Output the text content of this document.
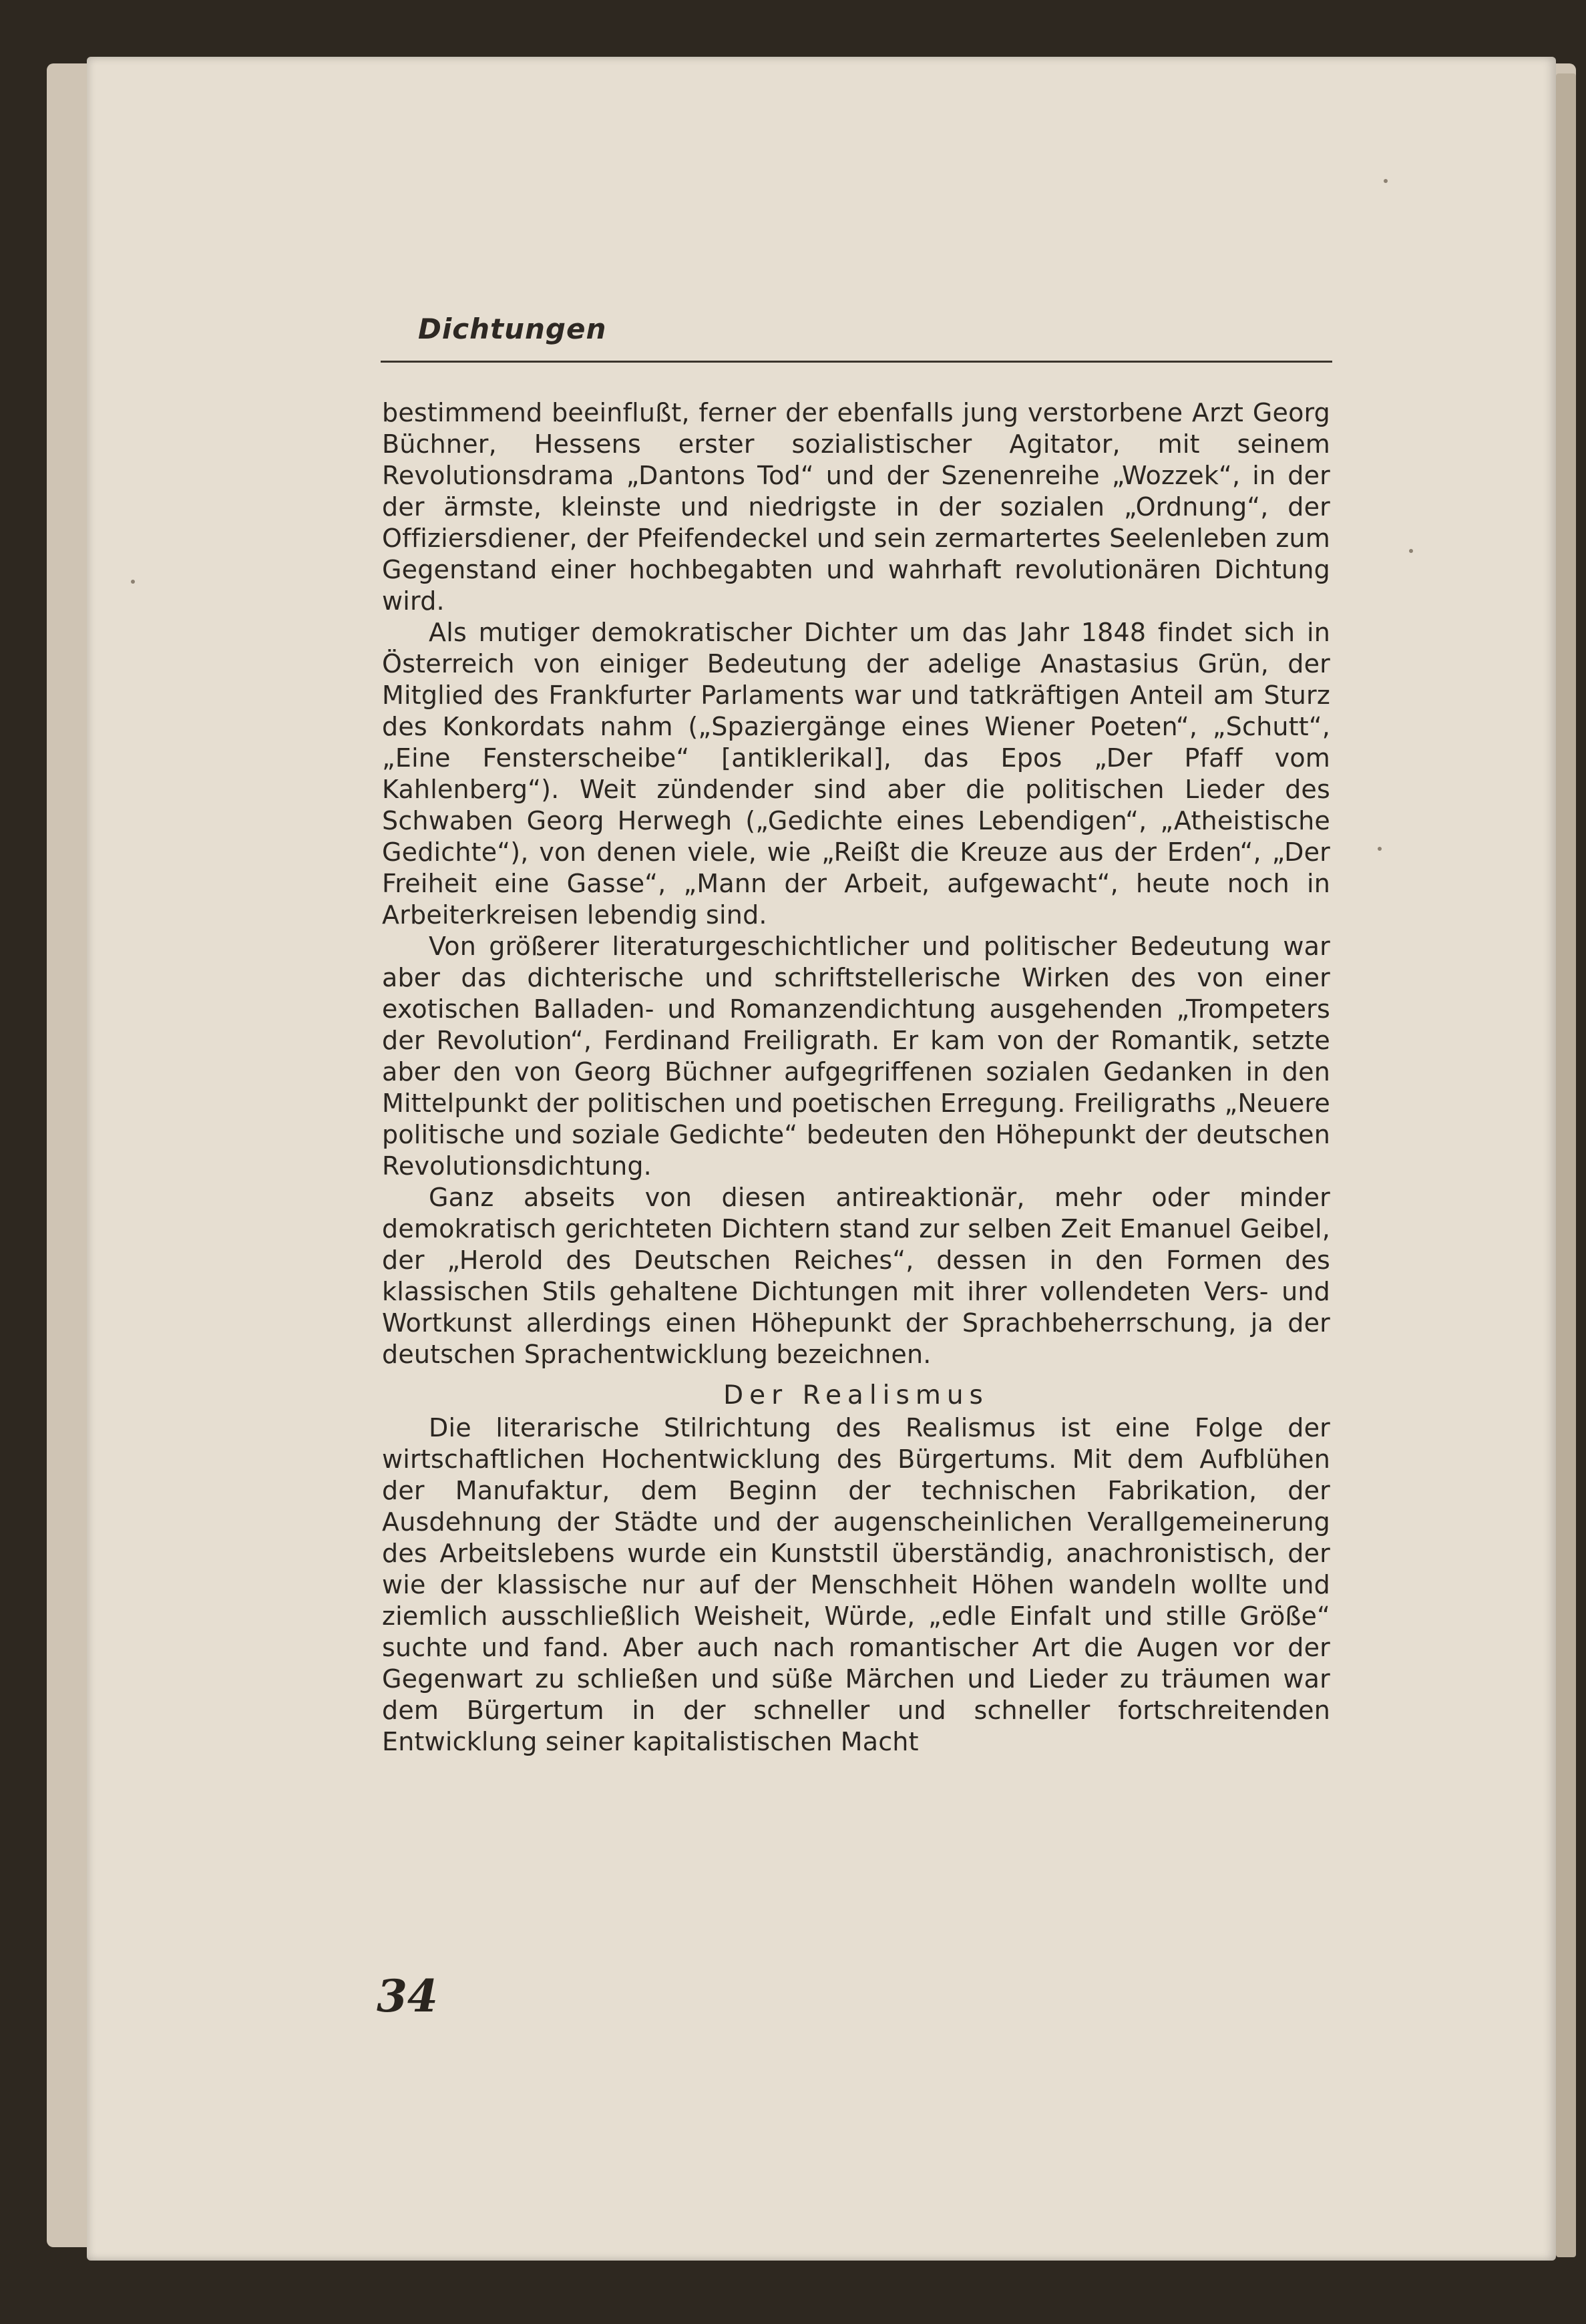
Dichtungen

bestimmend beeinflußt, ferner der ebenfalls jung verstorbene Arzt Georg Büchner, Hessens erster sozialistischer Agitator, mit seinem Revolutionsdrama „Dantons Tod“ und der Szenenreihe „Wozzek“, in der der ärmste, kleinste und niedrigste in der sozialen „Ordnung“, der Offiziersdiener, der Pfeifendeckel und sein zermartertes Seelenleben zum Gegenstand einer hochbegabten und wahrhaft revolutionären Dichtung wird.

Als mutiger demokratischer Dichter um das Jahr 1848 findet sich in Österreich von einiger Bedeutung der adelige Anastasius Grün, der Mitglied des Frankfurter Parlaments war und tatkräftigen Anteil am Sturz des Konkordats nahm („Spaziergänge eines Wiener Poeten“, „Schutt“, „Eine Fensterscheibe“ [antiklerikal], das Epos „Der Pfaff vom Kahlenberg“). Weit zündender sind aber die politischen Lieder des Schwaben Georg Herwegh („Gedichte eines Lebendigen“, „Atheistische Gedichte“), von denen viele, wie „Reißt die Kreuze aus der Erden“, „Der Freiheit eine Gasse“, „Mann der Arbeit, aufgewacht“, heute noch in Arbeiterkreisen lebendig sind.

Von größerer literaturgeschichtlicher und politischer Bedeutung war aber das dichterische und schriftstellerische Wirken des von einer exotischen Balladen- und Romanzendichtung ausgehenden „Trompeters der Revolution“, Ferdinand Freiligrath. Er kam von der Romantik, setzte aber den von Georg Büchner aufgegriffenen sozialen Gedanken in den Mittelpunkt der politischen und poetischen Erregung. Freiligraths „Neuere politische und soziale Gedichte“ bedeuten den Höhepunkt der deutschen Revolutionsdichtung.

Ganz abseits von diesen antireaktionär, mehr oder minder demokratisch gerichteten Dichtern stand zur selben Zeit Emanuel Geibel, der „Herold des Deutschen Reiches“, dessen in den Formen des klassischen Stils gehaltene Dichtungen mit ihrer vollendeten Vers- und Wortkunst allerdings einen Höhepunkt der Sprachbeherrschung, ja der deutschen Sprachentwicklung bezeichnen.

Der Realismus

Die literarische Stilrichtung des Realismus ist eine Folge der wirtschaftlichen Hochentwicklung des Bürgertums. Mit dem Aufblühen der Manufaktur, dem Beginn der technischen Fabrikation, der Ausdehnung der Städte und der augenscheinlichen Verallgemeinerung des Arbeitslebens wurde ein Kunststil überständig, anachronistisch, der wie der klassische nur auf der Menschheit Höhen wandeln wollte und ziemlich ausschließlich Weisheit, Würde, „edle Einfalt und stille Größe“ suchte und fand. Aber auch nach romantischer Art die Augen vor der Gegenwart zu schließen und süße Märchen und Lieder zu träumen war dem Bürgertum in der schneller und schneller fortschreitenden Entwicklung seiner kapitalistischen Macht

34
